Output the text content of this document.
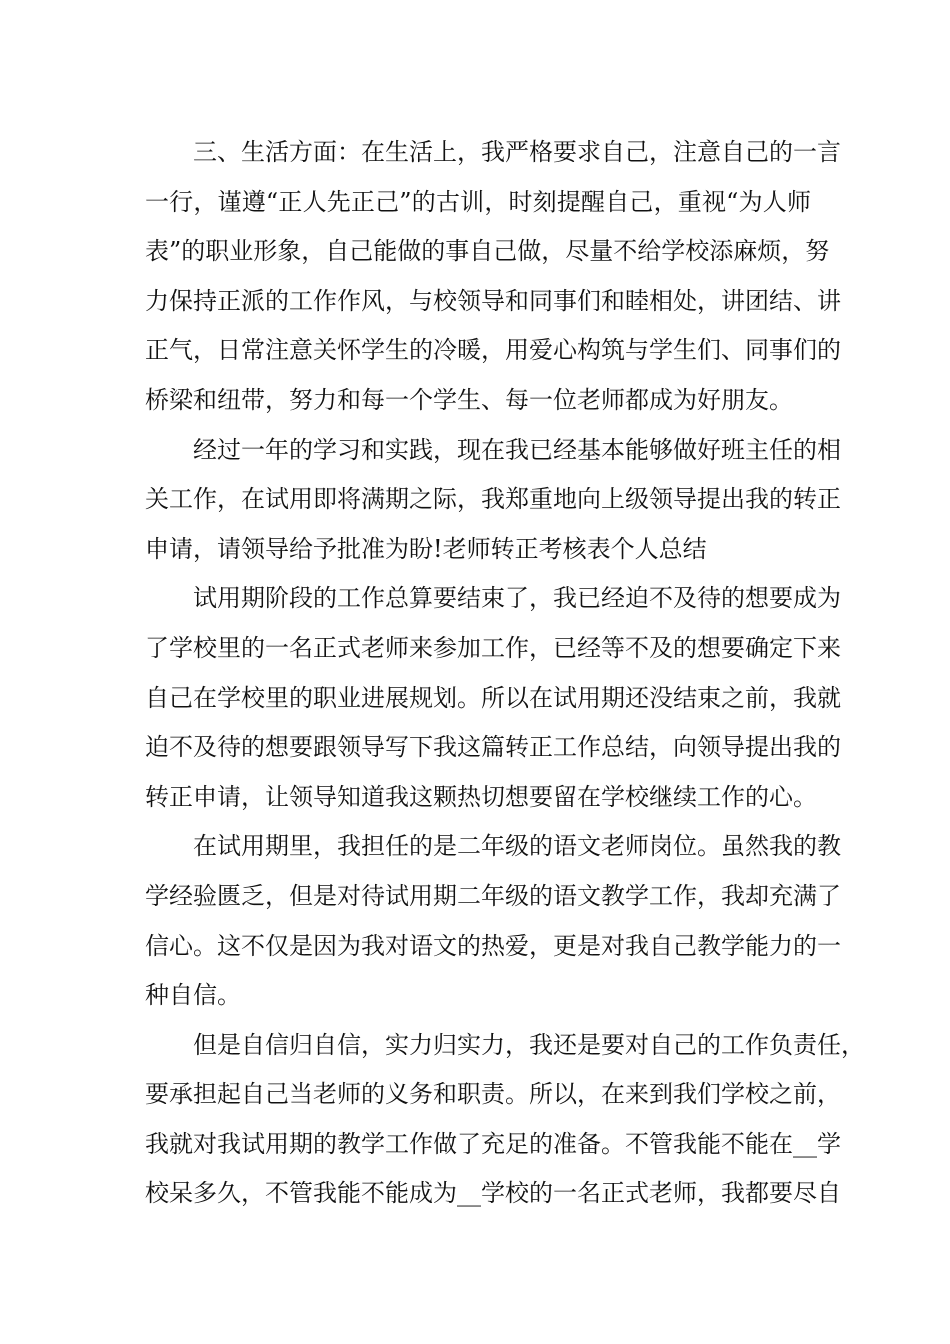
三、生活方面：在生活上，我严格要求自己，注意自己的一言
一行，谨遵“正人先正己”的古训，时刻提醒自己，重视“为人师
表”的职业形象，自己能做的事自己做，尽量不给学校添麻烦，努
力保持正派的工作作风，与校领导和同事们和睦相处，讲团结、讲
正气，日常注意关怀学生的冷暖，用爱心构筑与学生们、同事们的
桥梁和纽带，努力和每一个学生、每一位老师都成为好朋友。
经过一年的学习和实践，现在我已经基本能够做好班主任的相
关工作，在试用即将满期之际，我郑重地向上级领导提出我的转正
申请，请领导给予批准为盼!老师转正考核表个人总结
试用期阶段的工作总算要结束了，我已经迫不及待的想要成为
了学校里的一名正式老师来参加工作，已经等不及的想要确定下来
自己在学校里的职业进展规划。所以在试用期还没结束之前，我就
迫不及待的想要跟领导写下我这篇转正工作总结，向领导提出我的
转正申请，让领导知道我这颗热切想要留在学校继续工作的心。
在试用期里，我担任的是二年级的语文老师岗位。虽然我的教
学经验匮乏，但是对待试用期二年级的语文教学工作，我却充满了
信心。这不仅是因为我对语文的热爱，更是对我自己教学能力的一
种自信。
但是自信归自信，实力归实力，我还是要对自己的工作负责任，
要承担起自己当老师的义务和职责。所以，在来到我们学校之前，
我就对我试用期的教学工作做了充足的准备。不管我能不能在__学
校呆多久，不管我能不能成为__学校的一名正式老师，我都要尽自
